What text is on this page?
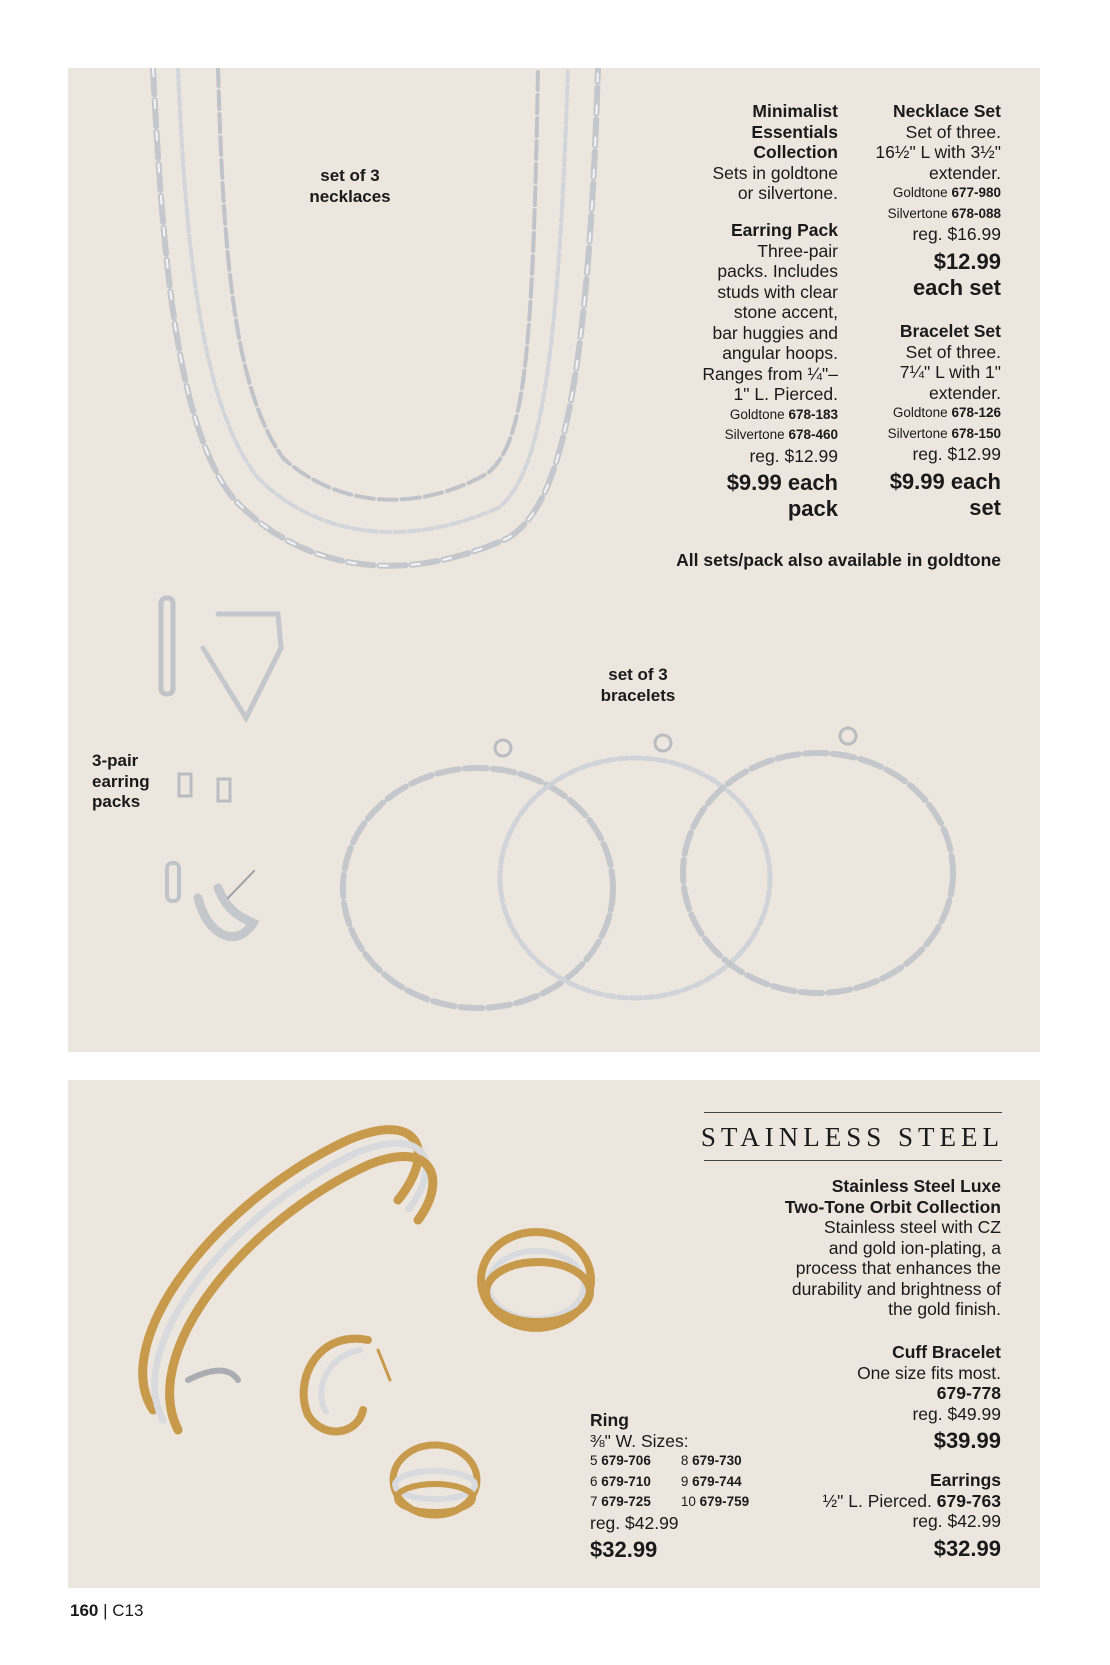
set of 3
necklaces
3-pair
earring
packs
set of 3
bracelets
Minimalist
Essentials
Collection
Sets in goldtone
or silvertone.
Earring Pack
Three-pair
packs. Includes
studs with clear
stone accent,
bar huggies and
angular hoops.
Ranges from ¼"–
1" L. Pierced.
Goldtone 678-183
Silvertone 678-460
reg. $12.99
$9.99 each
pack
Necklace Set
Set of three.
16½" L with 3½"
extender.
Goldtone 677-980
Silvertone 678-088
reg. $16.99
$12.99
each set
Bracelet Set
Set of three.
7¼" L with 1"
extender.
Goldtone 678-126
Silvertone 678-150
reg. $12.99
$9.99 each
set
All sets/pack also available in goldtone
STAINLESS STEEL
Stainless Steel Luxe
Two-Tone Orbit Collection
Stainless steel with CZ
and gold ion-plating, a
process that enhances the
durability and brightness of
the gold finish.
Cuff Bracelet
One size fits most.
679-778
reg. $49.99
$39.99
Earrings
½" L. Pierced. 679-763
reg. $42.99
$32.99
Ring
⅜" W. Sizes:
5 679-706
6 679-710
7 679-725
8 679-730
9 679-744
10 679-759
reg. $42.99
$32.99
160 | C13
